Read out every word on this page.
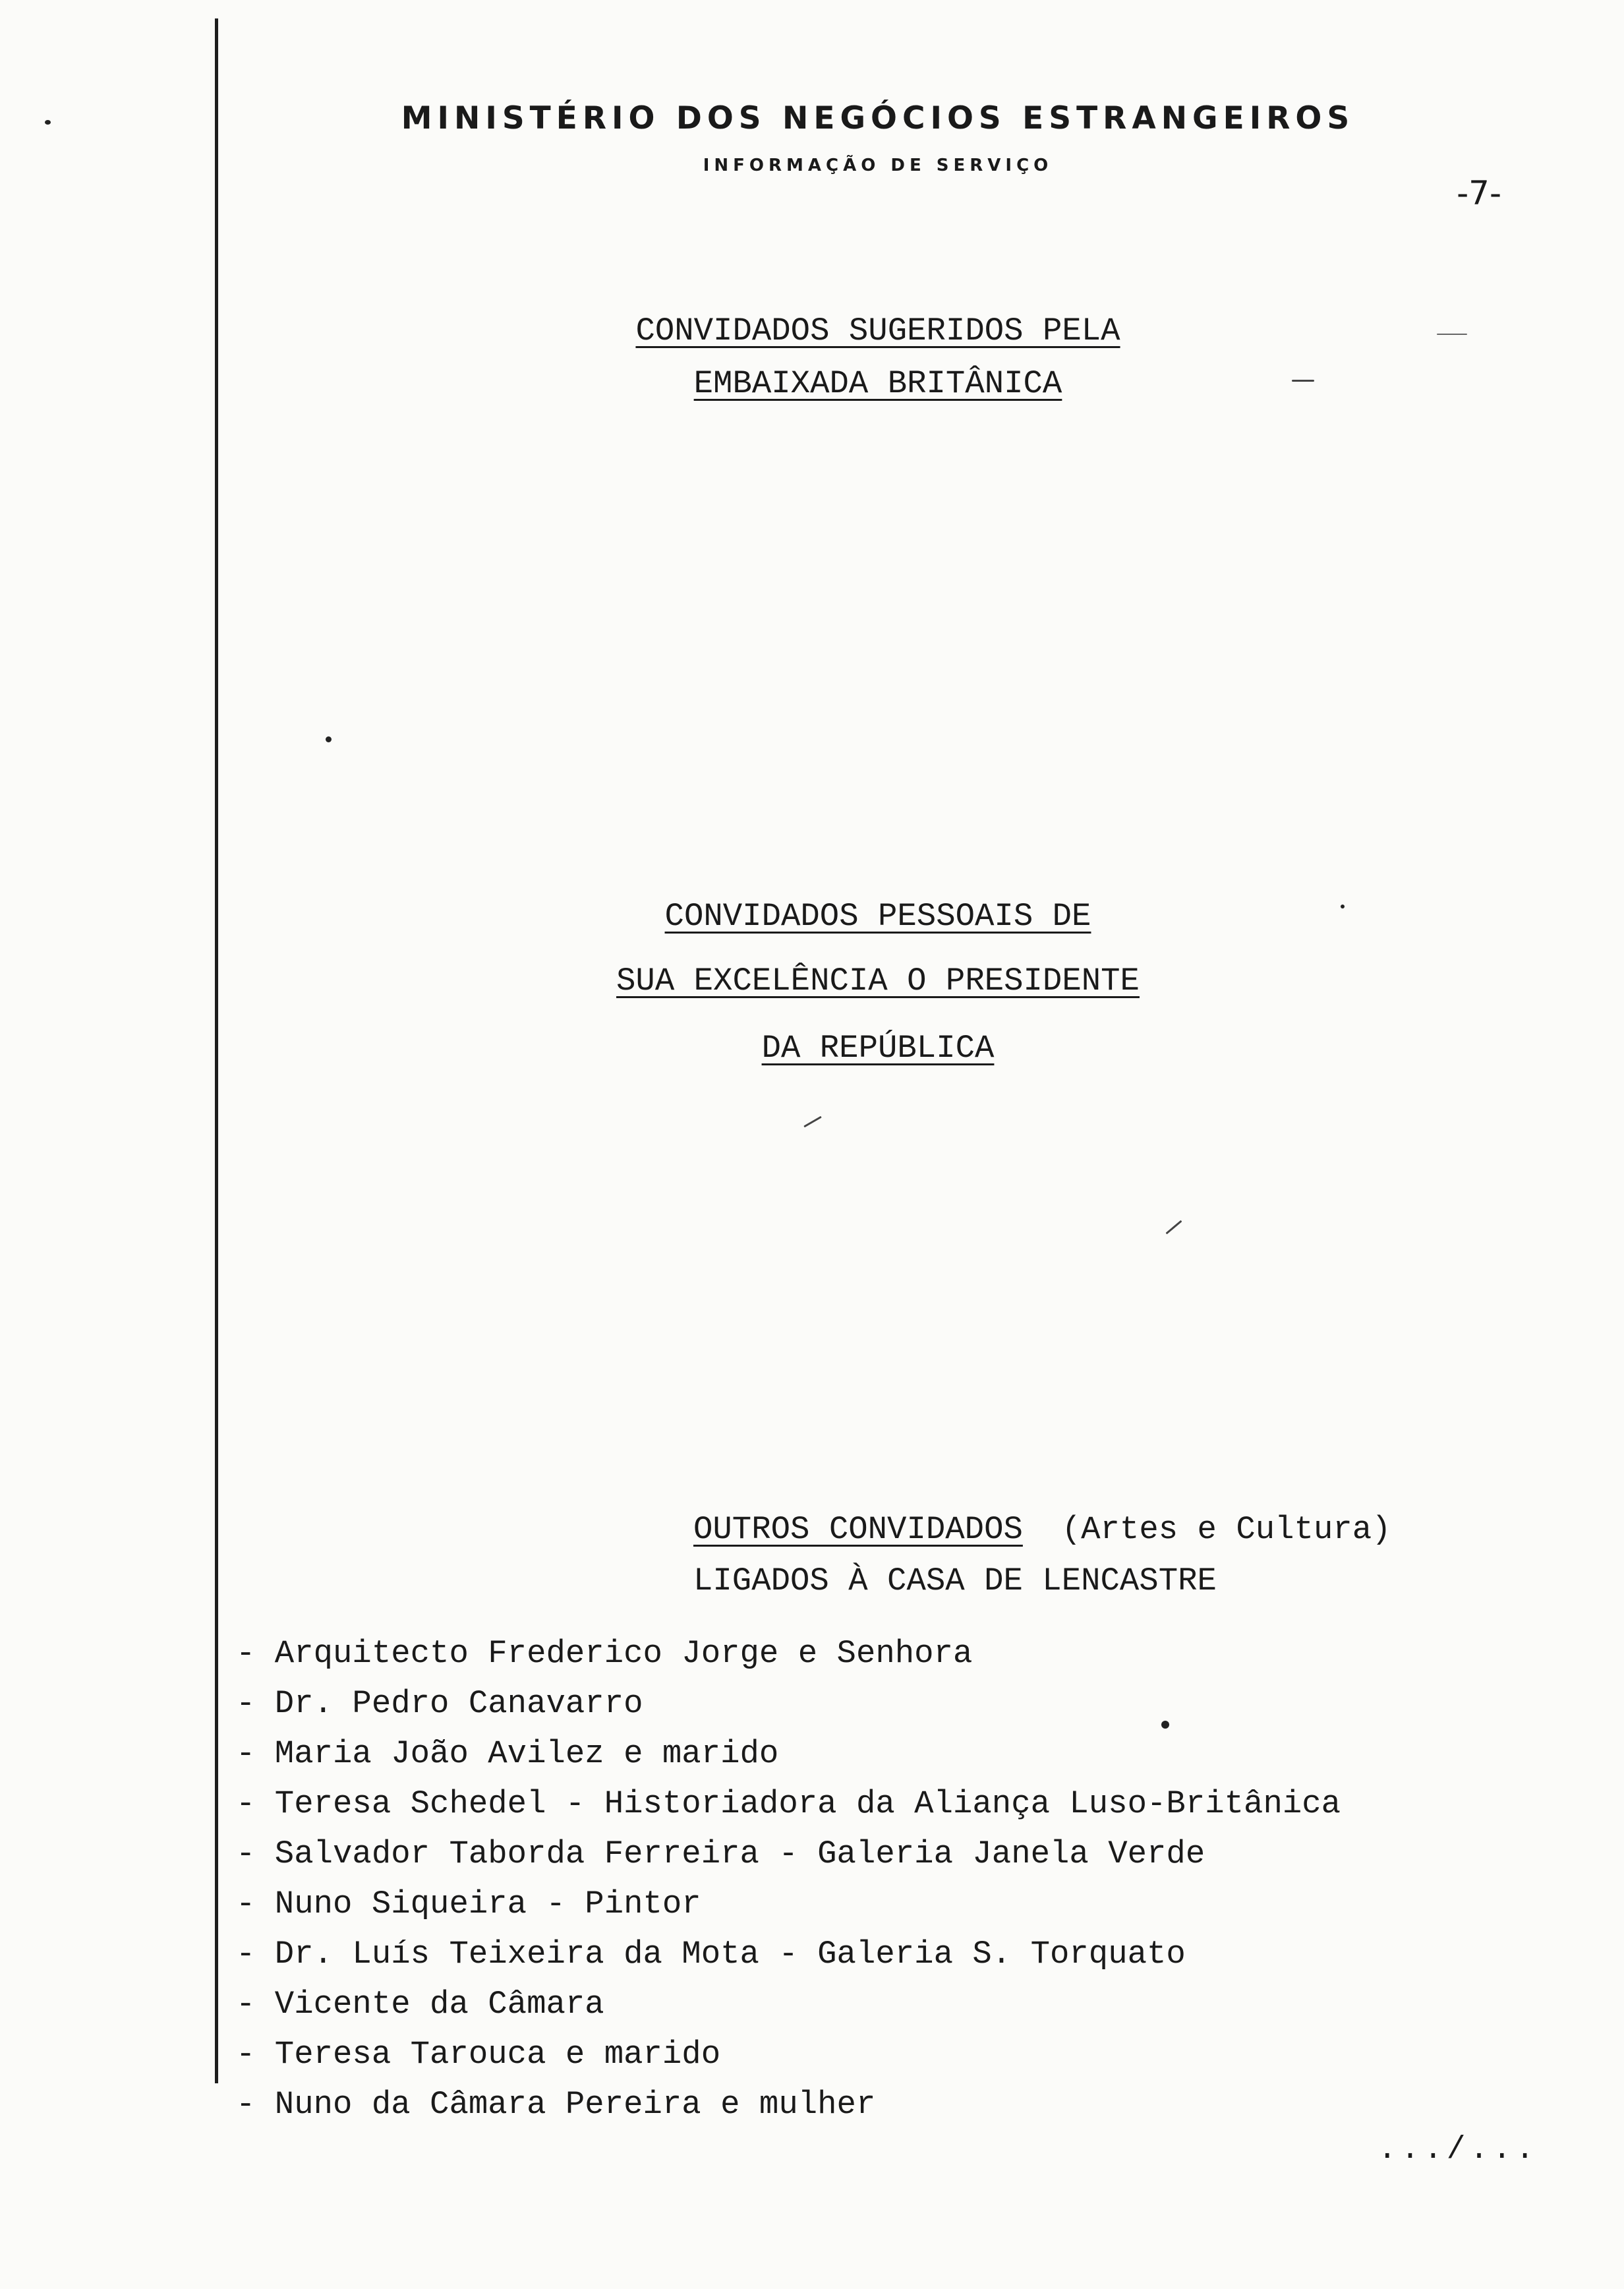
MINISTÉRIO DOS NEGÓCIOS ESTRANGEIROS
INFORMAÇÃO DE SERVIÇO
-7-
CONVIDADOS SUGERIDOS PELA
EMBAIXADA BRITÂNICA
CONVIDADOS PESSOAIS DE
SUA EXCELÊNCIA O PRESIDENTE
DA REPÚBLICA
OUTROS CONVIDADOS (Artes e Cultura)
LIGADOS À CASA DE LENCASTRE
- Arquitecto Frederico Jorge e Senhora
- Dr. Pedro Canavarro
- Maria João Avilez e marido
- Teresa Schedel - Historiadora da Aliança Luso-Britânica
- Salvador Taborda Ferreira - Galeria Janela Verde
- Nuno Siqueira - Pintor
- Dr. Luís Teixeira da Mota - Galeria S. Torquato
- Vicente da Câmara
- Teresa Tarouca e marido
- Nuno da Câmara Pereira e mulher
.../...
